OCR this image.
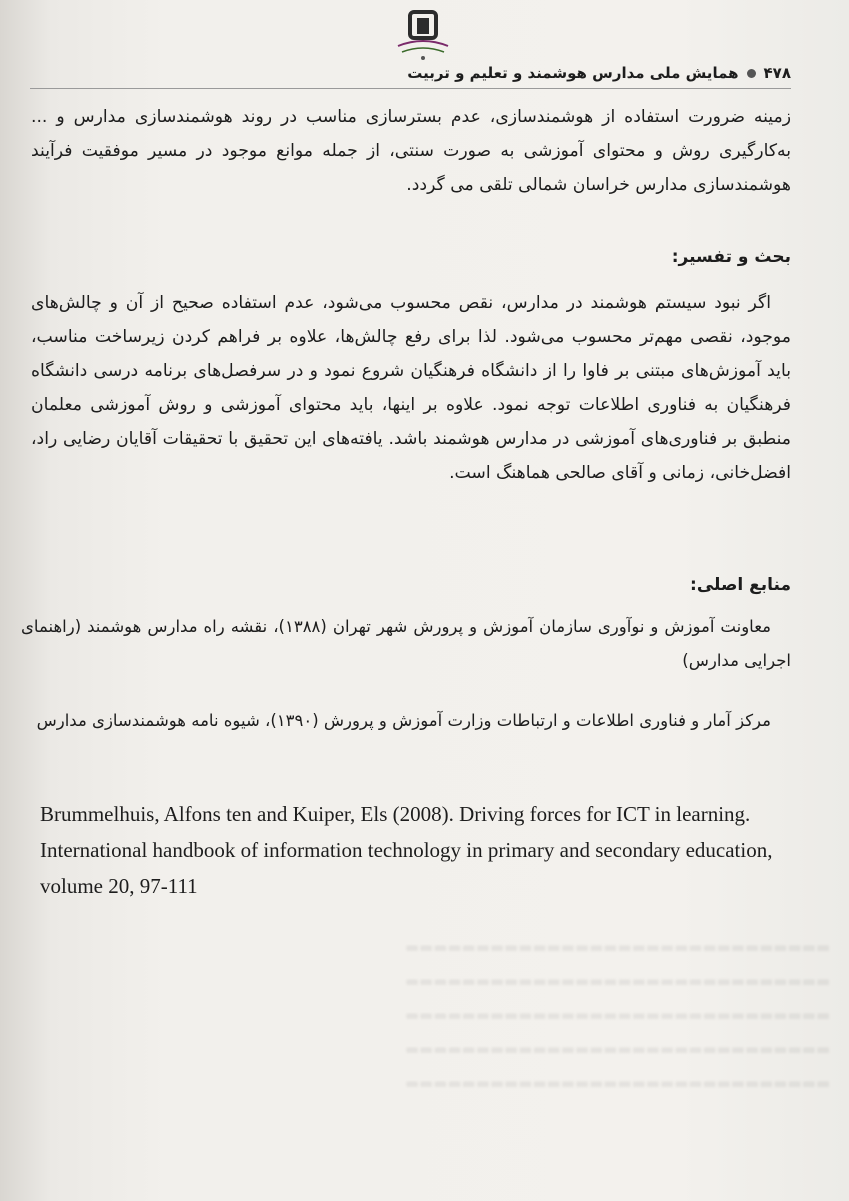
۴۷۸
همایش ملی مدارس هوشمند و تعلیم و تربیت

زمینه ضرورت استفاده از هوشمندسازی، عدم بسترسازی مناسب در روند هوشمندسازی مدارس و ... به‌کارگیری روش و محتوای آموزشی به صورت سنتی، از جمله موانع موجود در مسیر موفقیت فرآیند هوشمندسازی مدارس خراسان شمالی تلقی می گردد.

بحث و تفسیر:

اگر نبود سیستم هوشمند در مدارس، نقص محسوب می‌شود، عدم استفاده صحیح از آن و چالش‌های موجود، نقصی مهم‌تر محسوب می‌شود. لذا برای رفع چالش‌ها، علاوه بر فراهم کردن زیرساخت مناسب، باید آموزش‌های مبتنی بر فاوا را از دانشگاه فرهنگیان شروع نمود و در سرفصل‌های برنامه درسی دانشگاه فرهنگیان به فناوری اطلاعات توجه نمود. علاوه بر اینها، باید محتوای آموزشی و روش آموزشی معلمان منطبق بر فناوری‌های آموزشی در مدارس هوشمند باشد. یافته‌های این تحقیق با تحقیقات آقایان رضایی راد، افضل‌خانی، زمانی و آقای صالحی هماهنگ است.

منابع اصلی:

معاونت آموزش و نوآوری سازمان آموزش و پرورش شهر تهران (۱۳۸۸)، نقشه راه مدارس هوشمند (راهنمای اجرایی مدارس)

مرکز آمار و فناوری اطلاعات و ارتباطات وزارت آموزش و پرورش (۱۳۹۰)، شیوه نامه هوشمندسازی مدارس

Brummelhuis, Alfons ten and Kuiper, Els (2008). Driving forces for ICT in learning. International handbook of information technology in primary and secondary education, volume 20, 97-111
▬▬▬▬▬▬▬▬▬▬▬▬▬▬▬▬▬▬▬▬▬▬▬▬▬▬▬▬▬▬
▬▬▬▬▬▬▬▬▬▬▬▬▬▬▬▬▬▬▬▬▬▬▬▬▬▬▬▬▬▬
▬▬▬▬▬▬▬▬▬▬▬▬▬▬▬▬▬▬▬▬▬▬▬▬▬▬▬▬▬▬
▬▬▬▬▬▬▬▬▬▬▬▬▬▬▬▬▬▬▬▬▬▬▬▬▬▬▬▬▬▬
▬▬▬▬▬▬▬▬▬▬▬▬▬▬▬▬▬▬▬▬▬▬▬▬▬▬▬▬▬▬
